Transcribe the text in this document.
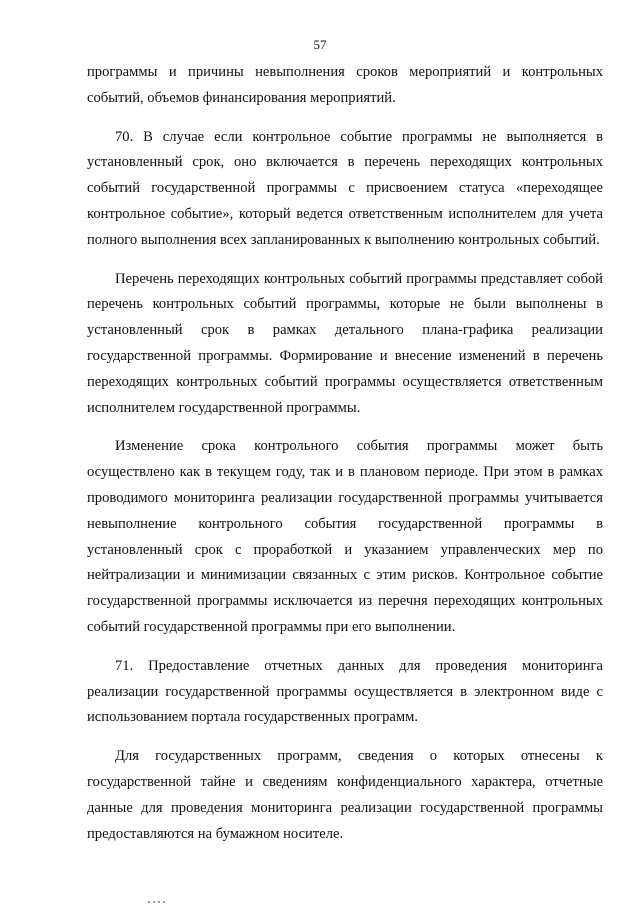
57

программы и причины невыполнения сроков мероприятий и контрольных событий, объемов финансирования мероприятий.

70. В случае если контрольное событие программы не выполняется в установленный срок, оно включается в перечень переходящих контрольных событий государственной программы с присвоением статуса «переходящее контрольное событие», который ведется ответственным исполнителем для учета полного выполнения всех запланированных к выполнению контрольных событий.

Перечень переходящих контрольных событий программы представляет собой перечень контрольных событий программы, которые не были выполнены в установленный срок в рамках детального плана-графика реализации государственной программы. Формирование и внесение изменений в перечень переходящих контрольных событий программы осуществляется ответственным исполнителем государственной программы.

Изменение срока контрольного события программы может быть осуществлено как в текущем году, так и в плановом периоде. При этом в рамках проводимого мониторинга реализации государственной программы учитывается невыполнение контрольного события государственной программы в установленный срок с проработкой и указанием управленческих мер по нейтрализации и минимизации связанных с этим рисков. Контрольное событие государственной программы исключается из перечня переходящих контрольных событий государственной программы при его выполнении.

71. Предоставление отчетных данных для проведения мониторинга реализации государственной программы осуществляется в электронном виде с использованием портала государственных программ.

Для государственных программ, сведения о которых отнесены к государственной тайне и сведениям конфиденциального характера, отчетные данные для проведения мониторинга реализации государственной программы предоставляются на бумажном носителе.
